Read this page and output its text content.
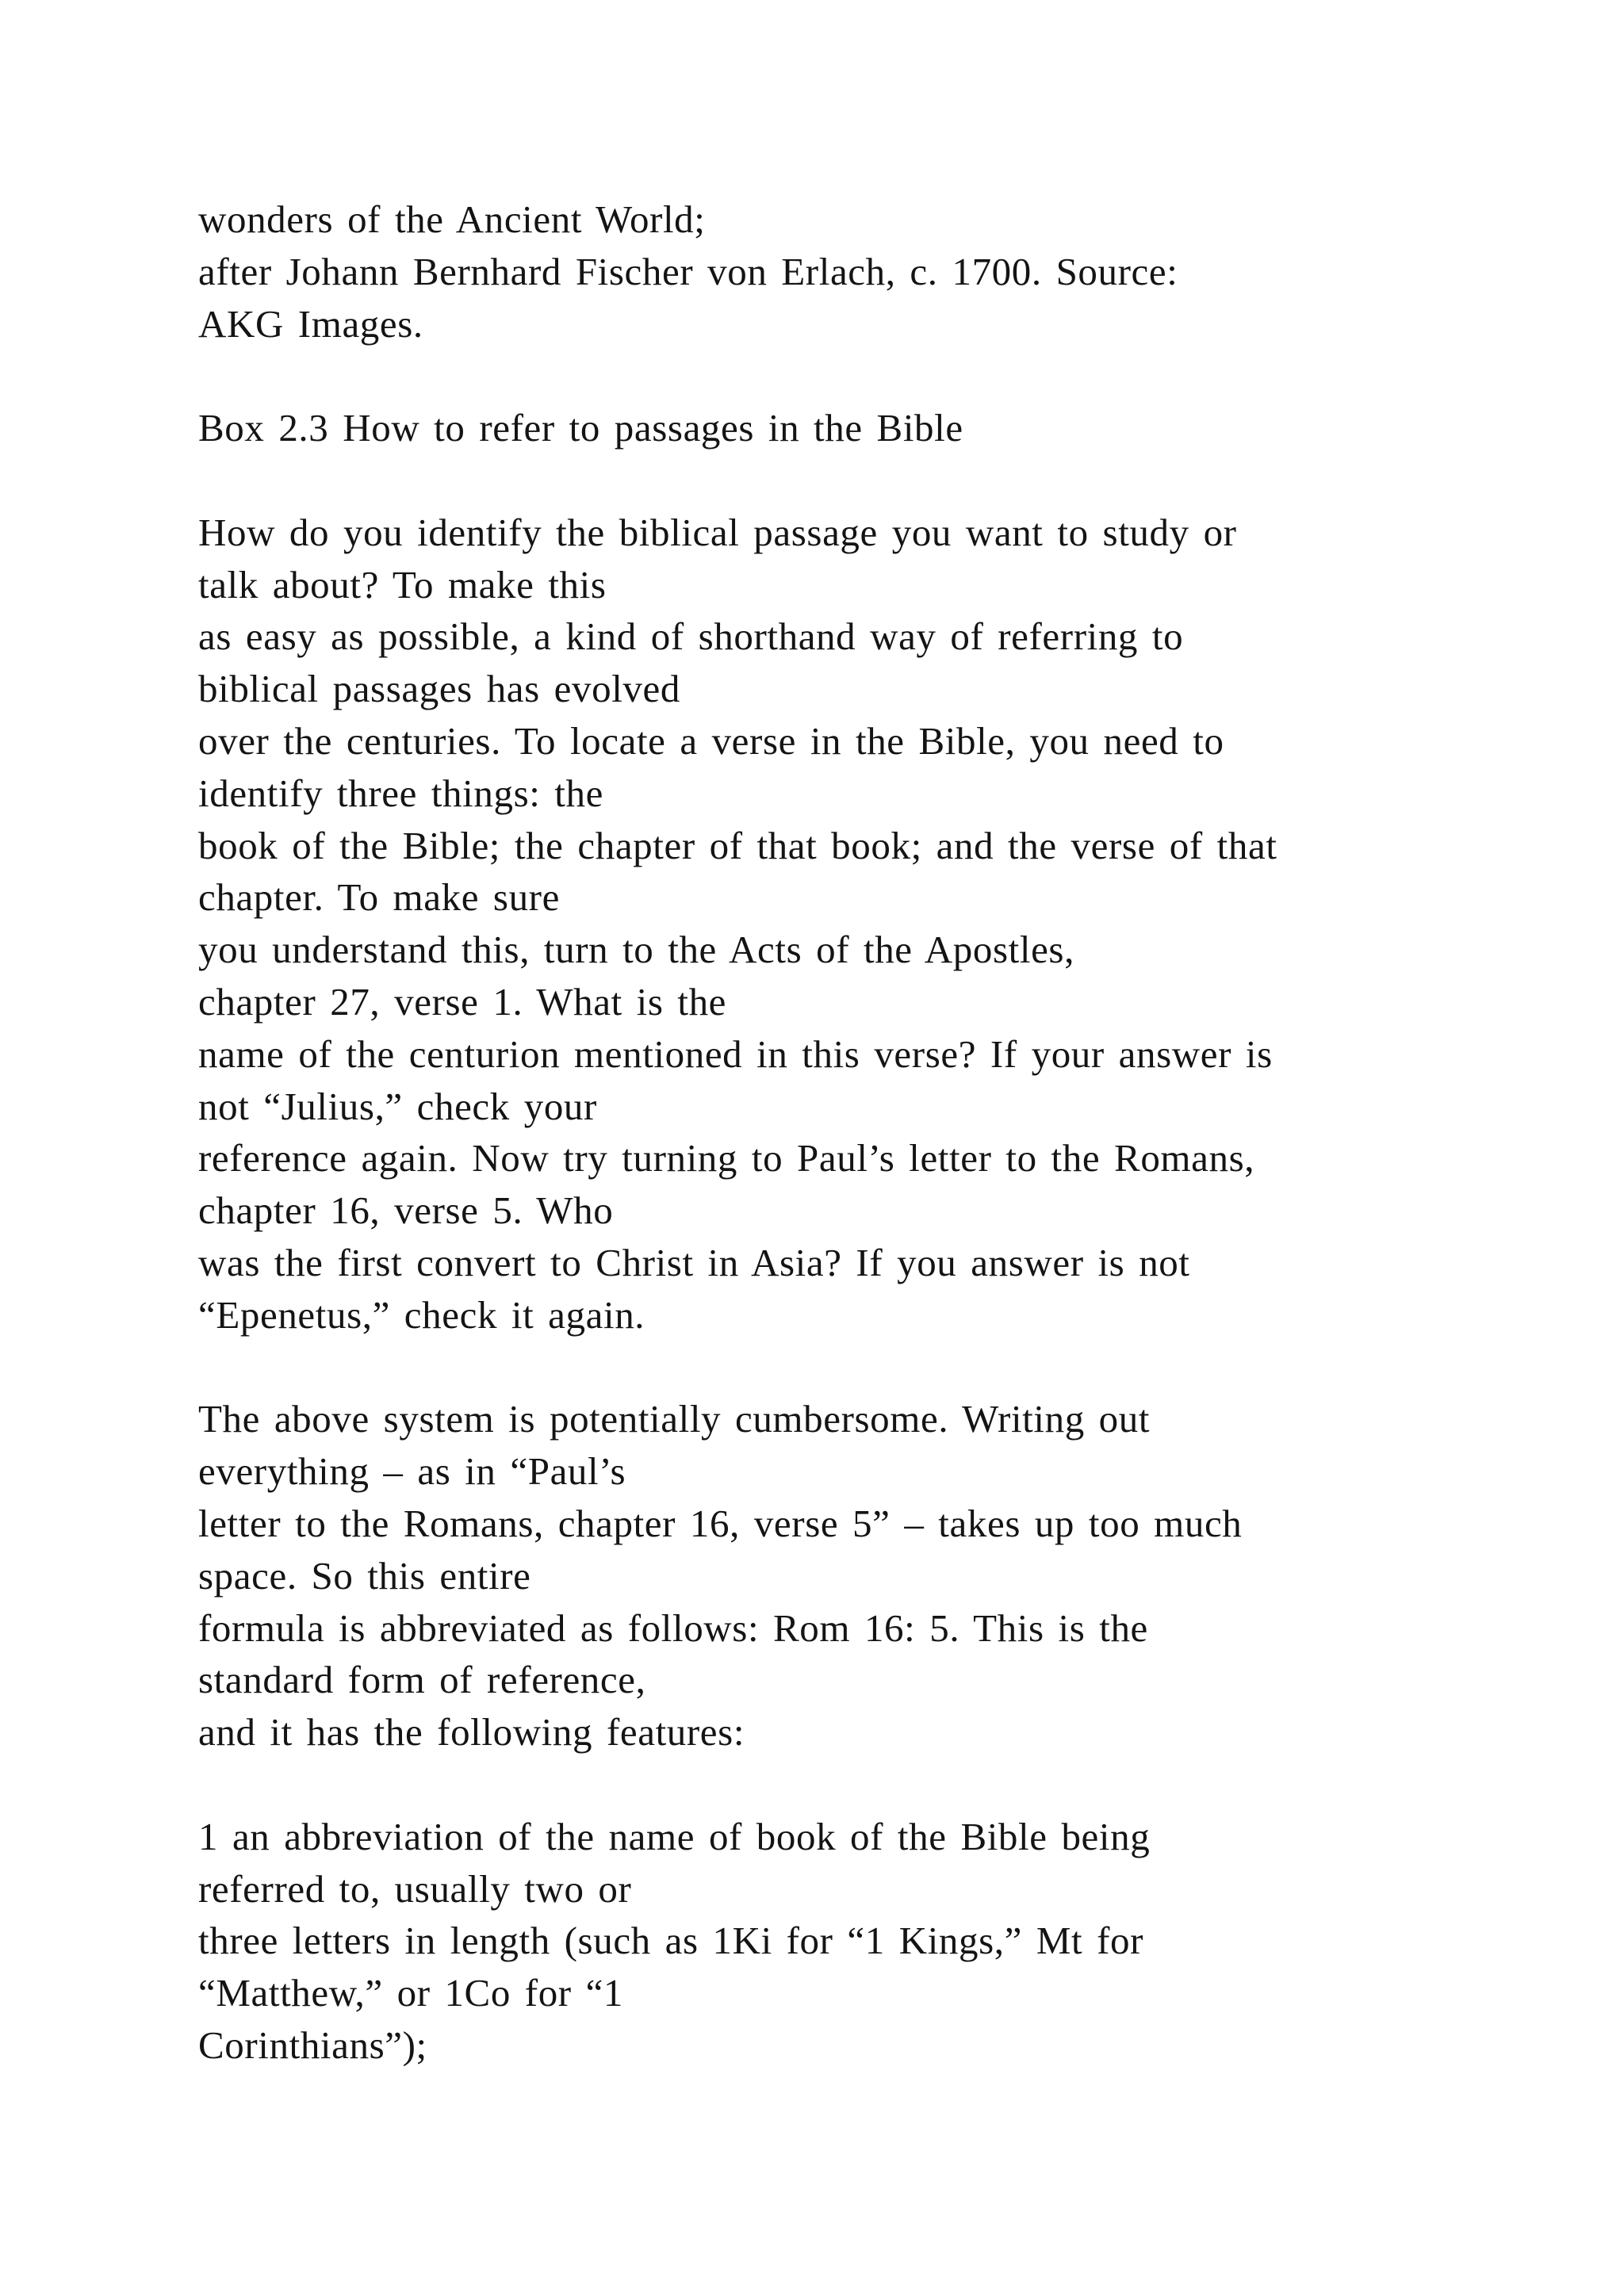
wonders of the Ancient World;
after Johann Bernhard Fischer von Erlach, c. 1700. Source:
AKG Images.
Box 2.3 How to refer to passages in the Bible
How do you identify the biblical passage you want to study or
talk about? To make this
as easy as possible, a kind of shorthand way of referring to
biblical passages has evolved
over the centuries. To locate a verse in the Bible, you need to
identify three things: the
book of the Bible; the chapter of that book; and the verse of that
chapter. To make sure
you understand this, turn to the Acts of the Apostles,
chapter 27, verse 1. What is the
name of the centurion mentioned in this verse? If your answer is
not “Julius,” check your
reference again. Now try turning to Paul’s letter to the Romans,
chapter 16, verse 5. Who
was the first convert to Christ in Asia? If you answer is not
“Epenetus,” check it again.
The above system is potentially cumbersome. Writing out
everything – as in “Paul’s
letter to the Romans, chapter 16, verse 5” – takes up too much
space. So this entire
formula is abbreviated as follows: Rom 16: 5. This is the
standard form of reference,
and it has the following features:
1 an abbreviation of the name of book of the Bible being
referred to, usually two or
three letters in length (such as 1Ki for “1 Kings,” Mt for
“Matthew,” or 1Co for “1
Corinthians”);
